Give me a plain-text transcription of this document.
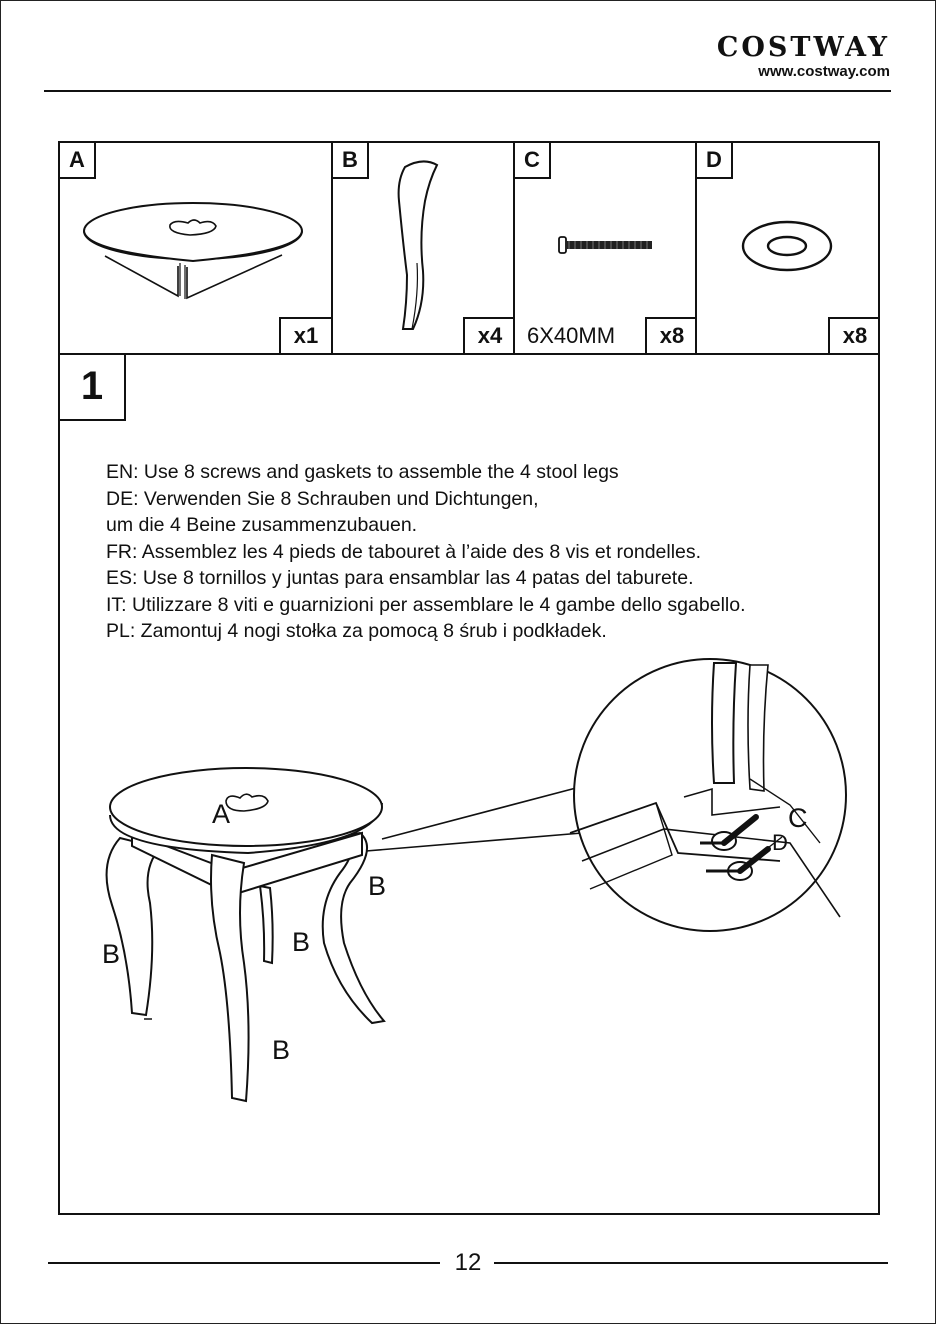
COSTWAY
www.costway.com
A
x1
B
x4
C
6X40MM	x8
D
x8
1
EN: Use 8 screws and gaskets to assemble the 4 stool legs
DE: Verwenden Sie 8 Schrauben und Dichtungen,
um die 4 Beine zusammenzubauen.
FR: Assemblez les 4 pieds de tabouret à l’aide des 8 vis et rondelles.
ES: Use 8 tornillos y juntas para ensamblar las 4 patas del taburete.
IT: Utilizzare 8 viti e guarnizioni per assemblare le 4 gambe dello sgabello.
PL: Zamontuj 4 nogi stołka za pomocą 8 śrub i podkładek.
A
B
B	B
B
C
D
12
